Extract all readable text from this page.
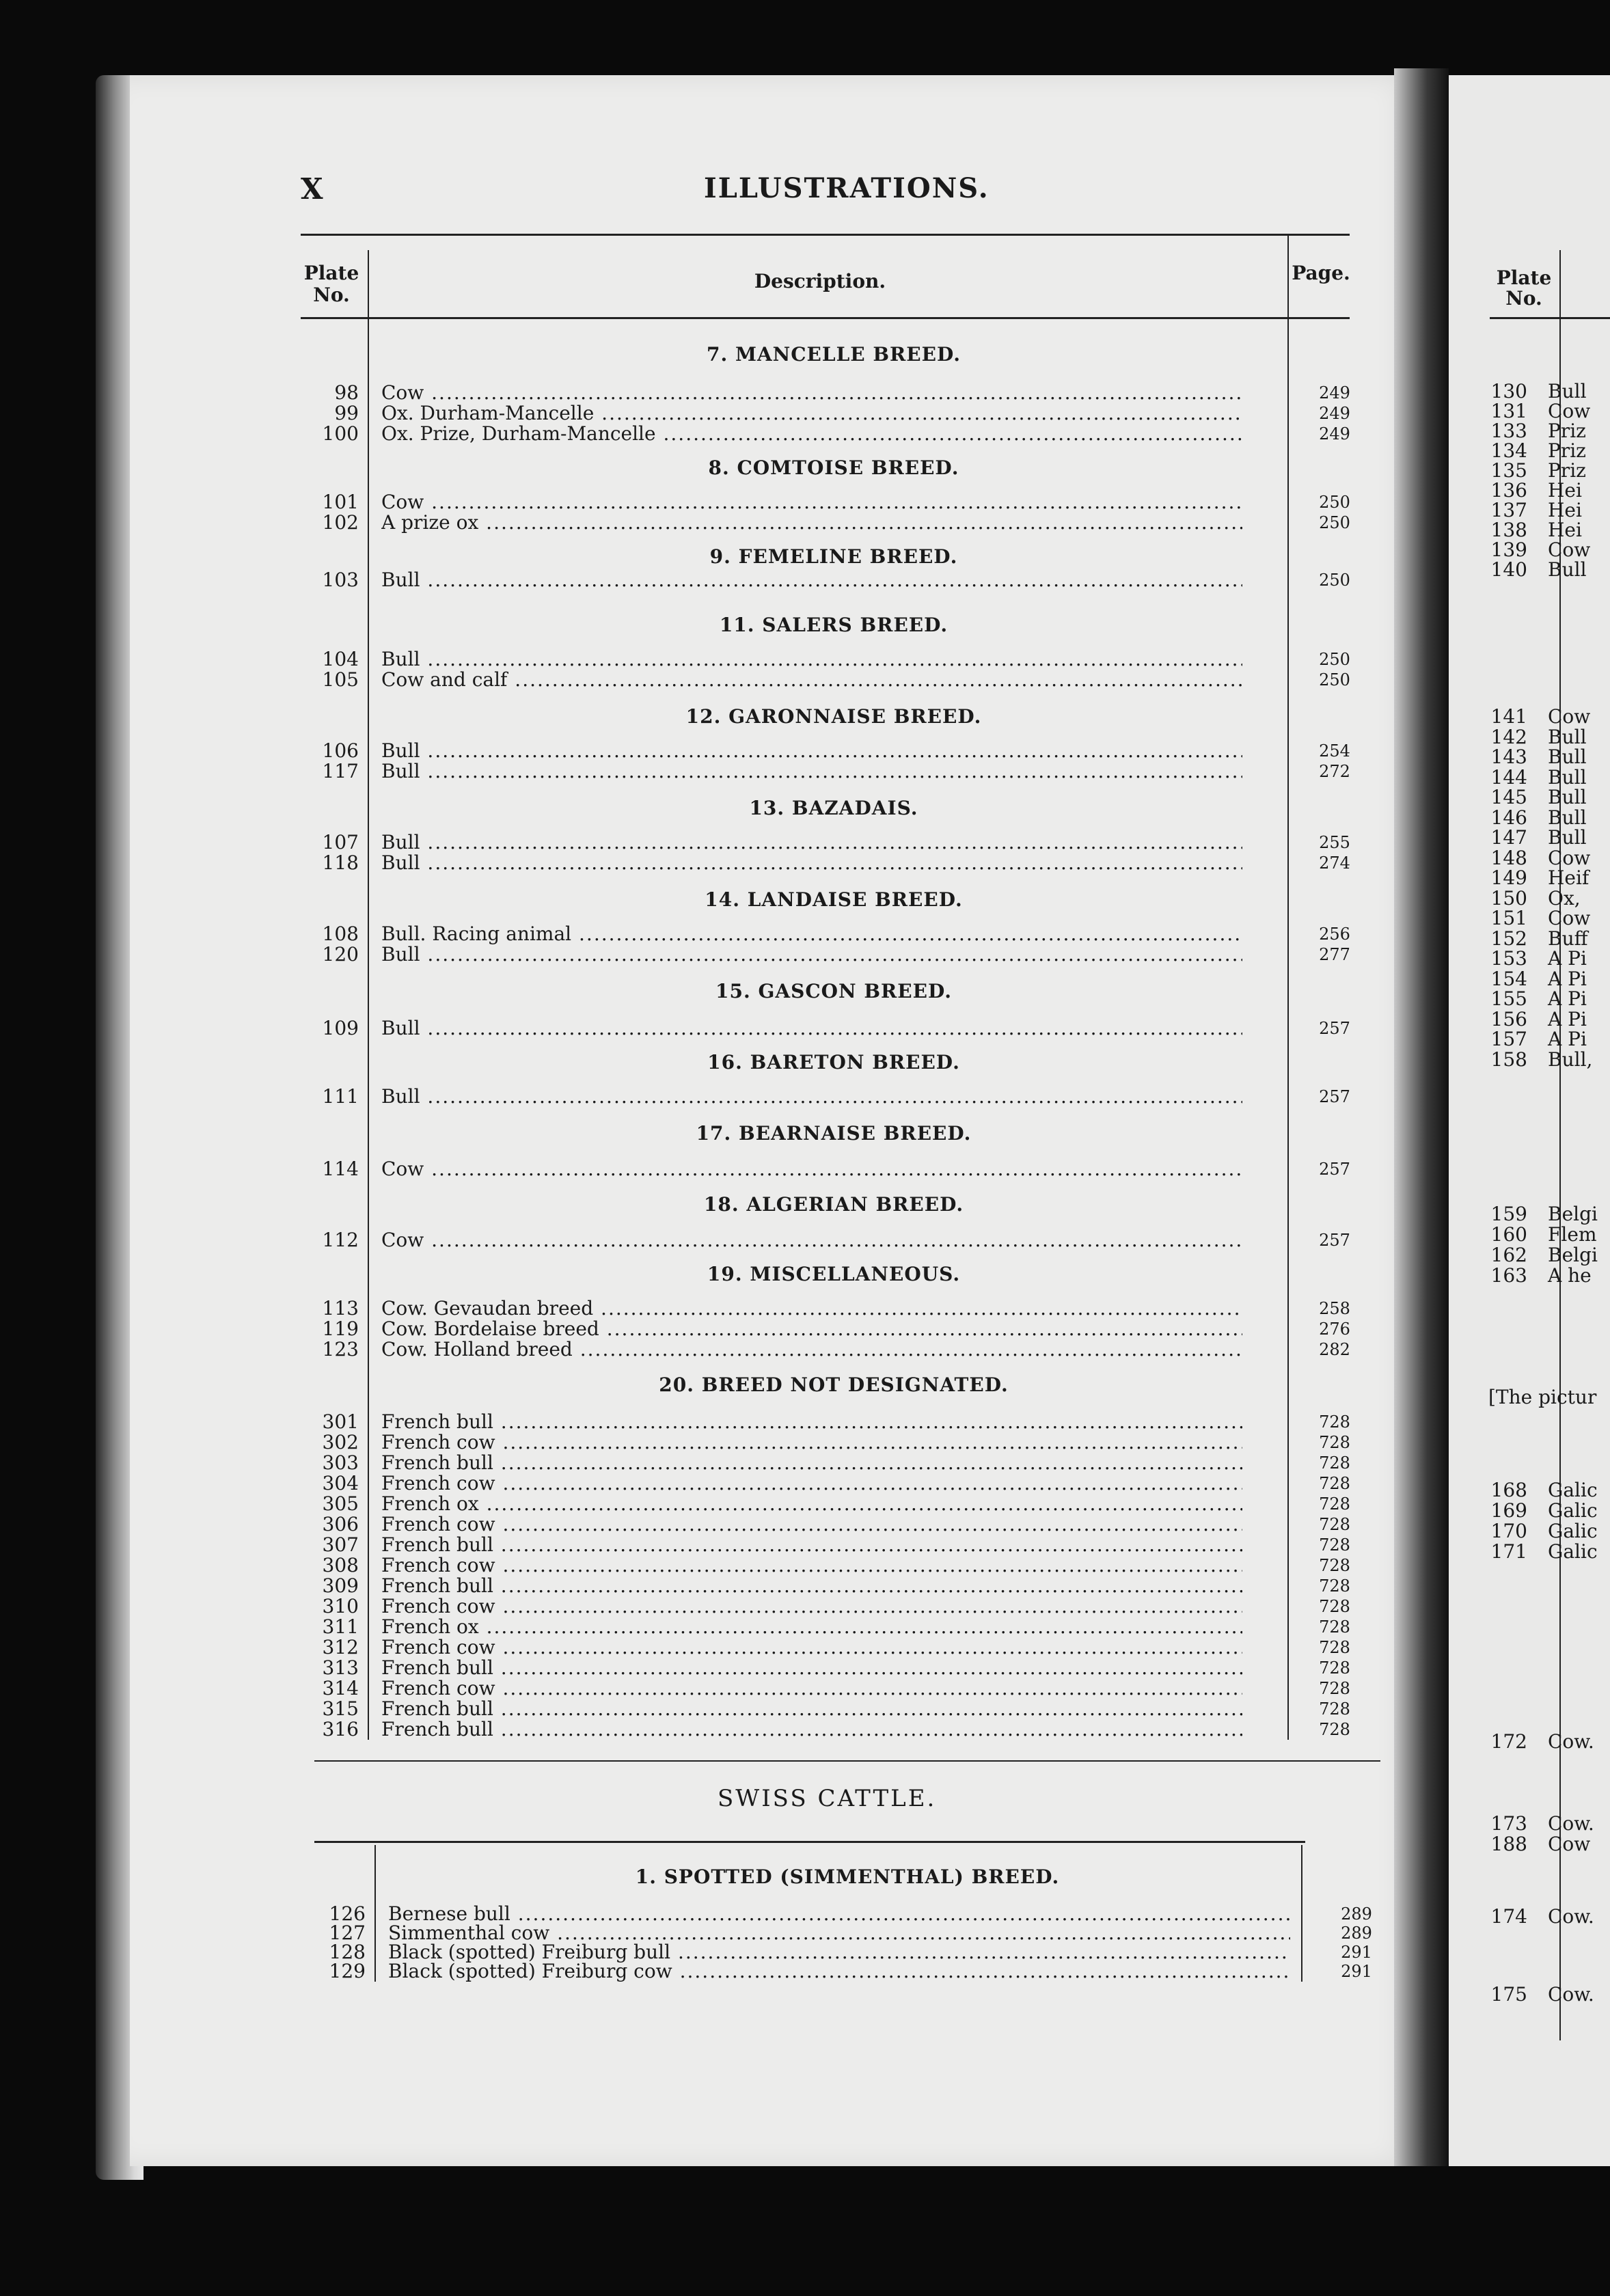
X	ILLUSTRATIONS.
Plate No.
Description.	Page.
7. MANCELLE BREED.
98 Cow .....	249
99 Ox. Durham-Mancelle .....	249
100 Ox. Prize, Durham-Mancelle .....	249
8. COMTOISE BREED.
101 Cow .....	250
102 A prize ox .....	250
9. FEMELINE BREED.
103 Bull .....	250
11. SALERS BREED.
104 Bull .....	250
105 Cow and calf .....	250
12. GARONNAISE BREED.
106 Bull .....	254
117 Bull .....	272
13. BAZADAIS.
107 Bull .....	255
118 Bull .....	274
14. LANDAISE BREED.
108 Bull. Racing animal .....	256
120 Bull .....	277
15. GASCON BREED.
109 Bull .....	257
16. BARETON BREED.
111 Bull .....	257
17. BEARNAISE BREED.
114 Cow .....	257
18. ALGERIAN BREED.
112 Cow .....	257
19. MISCELLANEOUS.
113 Cow. Gevaudan breed .....	258
119 Cow. Bordelaise breed .....	276
123 Cow. Holland breed .....	282
20. BREED NOT DESIGNATED.
301 French bull .....	728
302 French cow .....	728
303 French bull .....	728
304 French cow .....	728
305 French ox .....	728
306 French cow .....	728
307 French bull .....	728
308 French cow .....	728
309 French bull .....	728
310 French cow .....	728
311 French ox .....	728
312 French cow .....	728
313 French bull .....	728
314 French cow .....	728
315 French bull .....	728
316 French bull .....	728
SWISS CATTLE.
1. SPOTTED (SIMMENTHAL) BREED.
126 Bernese bull .....	289
127 Simmenthal cow .....	289
128 Black (spotted) Freiburg bull .....	291
129 Black (spotted) Freiburg cow .....	291
Plate No.
[The pictur
130 Bull
131 Cow
133 Priz
134 Priz
135 Priz
136 Hei
137 Hei
138 Hei
139 Cow
140 Bull
141 Cow
142 Bull
143 Bull
144 Bull
145 Bull
146 Bull
147 Bull
148 Cow
149 Heif
150 Ox,
151 Cow
152 Buff
153 A Pi
154 A Pi
155 A Pi
156 A Pi
157 A Pi
158 Bull,
159 Belgi
160 Flem
162 Belgi
163 A he
168 Galic
169 Galic
170 Galic
171 Galic
172 Cow.
173 Cow.
188 Cow
174 Cow.
175 Cow.
